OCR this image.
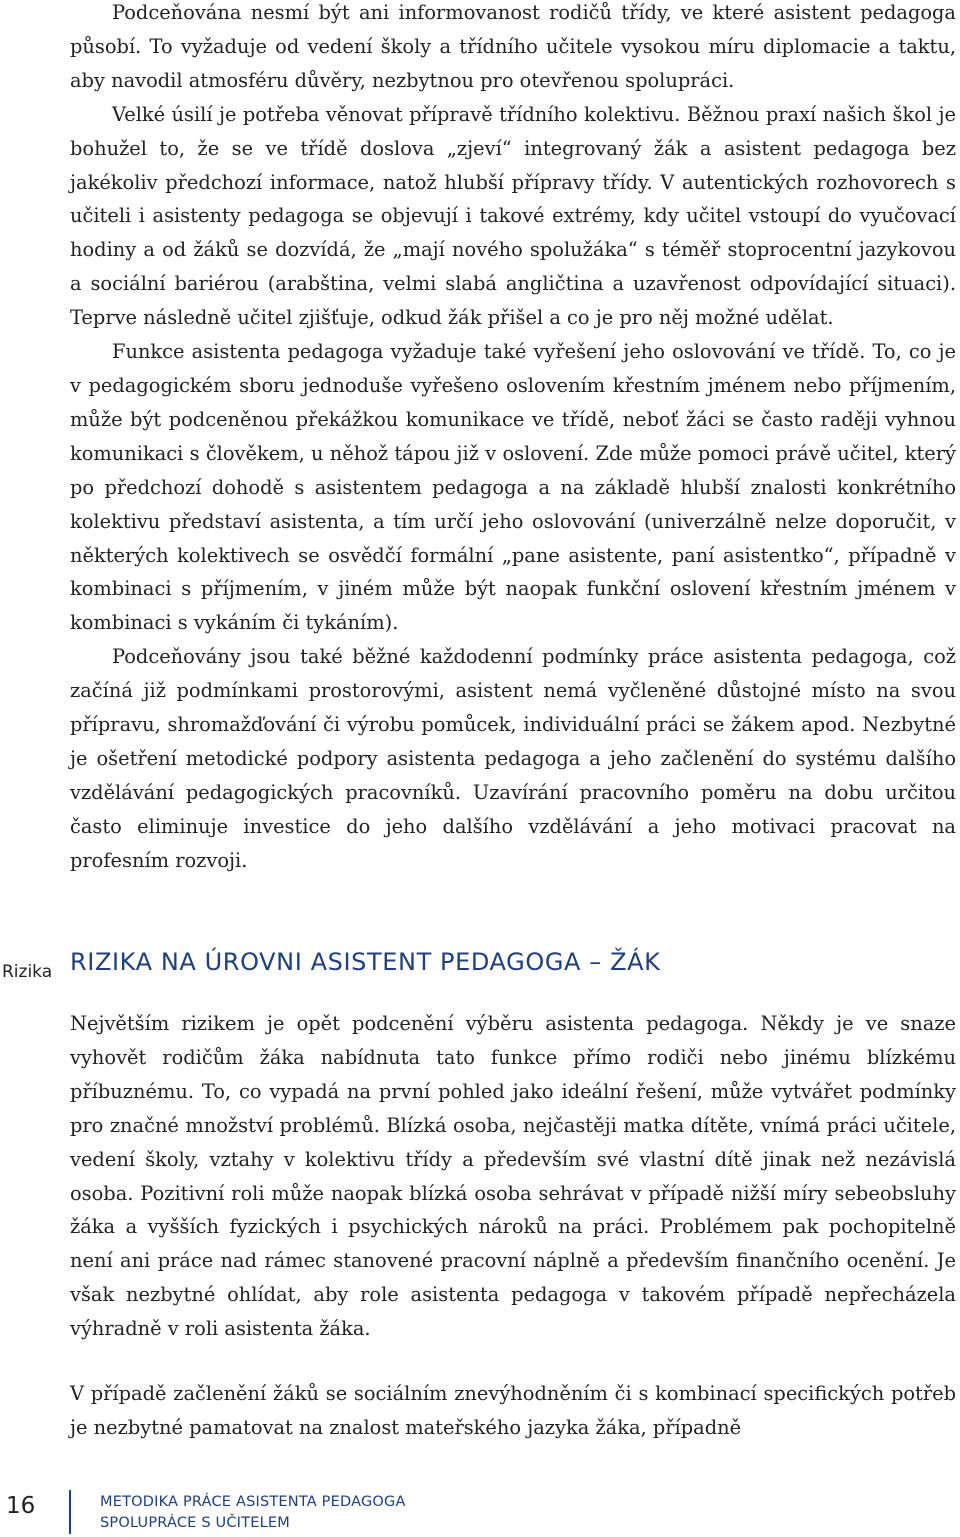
Podceňována nesmí být ani informovanost rodičů třídy, ve které asistent pedagoga působí. To vyžaduje od vedení školy a třídního učitele vysokou míru diplomacie a taktu, aby navodil atmosféru důvěry, nezbytnou pro otevřenou spolupráci.

Velké úsilí je potřeba věnovat přípravě třídního kolektivu. Běžnou praxí našich škol je bohužel to, že se ve třídě doslova „zjeví“ integrovaný žák a asistent pedagoga bez jakékoliv předchozí informace, natož hlubší přípravy třídy. V autentických rozhovorech s učiteli i asistenty pedagoga se objevují i takové extrémy, kdy učitel vstoupí do vyučovací hodiny a od žáků se dozvídá, že „mají nového spolužáka“ s téměř stoprocentní jazykovou a sociální bariérou (arabština, velmi slabá angličtina a uzavřenost odpovídající situaci). Teprve následně učitel zjišťuje, odkud žák přišel a co je pro něj možné udělat.

Funkce asistenta pedagoga vyžaduje také vyřešení jeho oslovování ve třídě. To, co je v pedagogickém sboru jednoduše vyřešeno oslovením křestním jménem nebo příjmením, může být podceněnou překážkou komunikace ve třídě, neboť žáci se často raději vyhnou komunikaci s člověkem, u něhož tápou již v oslovení. Zde může pomoci právě učitel, který po předchozí dohodě s asistentem pedagoga a na základě hlubší znalosti konkrétního kolektivu představí asistenta, a tím určí jeho oslovování (univerzálně nelze doporučit, v některých kolektivech se osvědčí formální „pane asistente, paní asistentko“, případně v kombinaci s příjmením, v jiném může být naopak funkční oslovení křestním jménem v kombinaci s vykáním či tykáním).

Podceňovány jsou také běžné každodenní podmínky práce asistenta pedagoga, což začíná již podmínkami prostorovými, asistent nemá vyčleněné důstojné místo na svou přípravu, shromažďování či výrobu pomůcek, individuální práci se žákem apod. Nezbytné je ošetření metodické podpory asistenta pedagoga a jeho začlenění do systému dalšího vzdělávání pedagogických pracovníků. Uzavírání pracovního poměru na dobu určitou často eliminuje investice do jeho dalšího vzdělávání a jeho motivaci pracovat na profesním rozvoji.

Rizika RIZIKA NA ÚROVNI ASISTENT PEDAGOGA – ŽÁK

Největším rizikem je opět podcenění výběru asistenta pedagoga. Někdy je ve snaze vyhovět rodičům žáka nabídnuta tato funkce přímo rodiči nebo jinému blízkému příbuznému. To, co vypadá na první pohled jako ideální řešení, může vytvářet podmínky pro značné množství problémů. Blízká osoba, nejčastěji matka dítěte, vnímá práci učitele, vedení školy, vztahy v kolektivu třídy a především své vlastní dítě jinak než nezávislá osoba. Pozitivní roli může naopak blízká osoba sehrávat v případě nižší míry sebeobsluhy žáka a vyšších fyzických i psychických nároků na práci. Problémem pak pochopitelně není ani práce nad rámec stanovené pracovní náplně a především finančního ocenění. Je však nezbytné ohlídat, aby role asistenta pedagoga v takovém případě nepřecházela výhradně v roli asistenta žáka.

V případě začlenění žáků se sociálním znevýhodněním či s kombinací specifických potřeb je nezbytné pamatovat na znalost mateřského jazyka žáka, případně

16	METODIKA PRÁCE ASISTENTA PEDAGOGA
SPOLUPRÁCE S UČITELEM
